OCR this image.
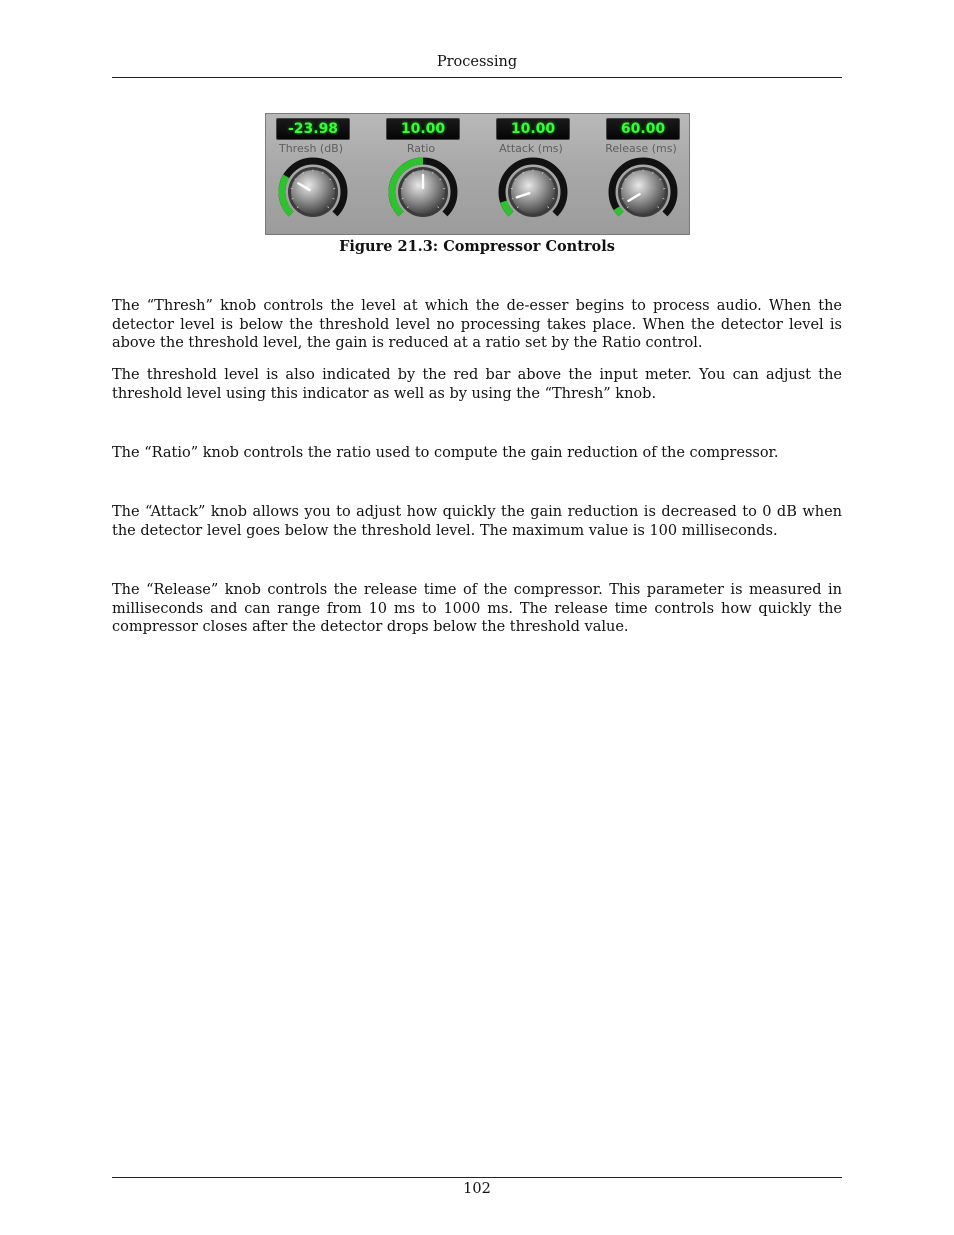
Processing
-23.98
Thresh (dB)
10.00
Ratio
10.00
Attack (ms)
60.00
Release (ms)
Figure 21.3: Compressor Controls

The “Thresh” knob controls the level at which the de-esser begins to process audio. When the detector level is below the threshold level no processing takes place. When the detector level is above the threshold level, the gain is reduced at a ratio set by the Ratio control.

The threshold level is also indicated by the red bar above the input meter. You can adjust the threshold level using this indicator as well as by using the “Thresh” knob.

The “Ratio” knob controls the ratio used to compute the gain reduction of the compressor.

The “Attack” knob allows you to adjust how quickly the gain reduction is decreased to 0 dB when the detector level goes below the threshold level. The maximum value is 100 milliseconds.

The “Release” knob controls the release time of the compressor. This parameter is measured in milliseconds and can range from 10 ms to 1000 ms. The release time controls how quickly the compressor closes after the detector drops below the threshold value.

102
